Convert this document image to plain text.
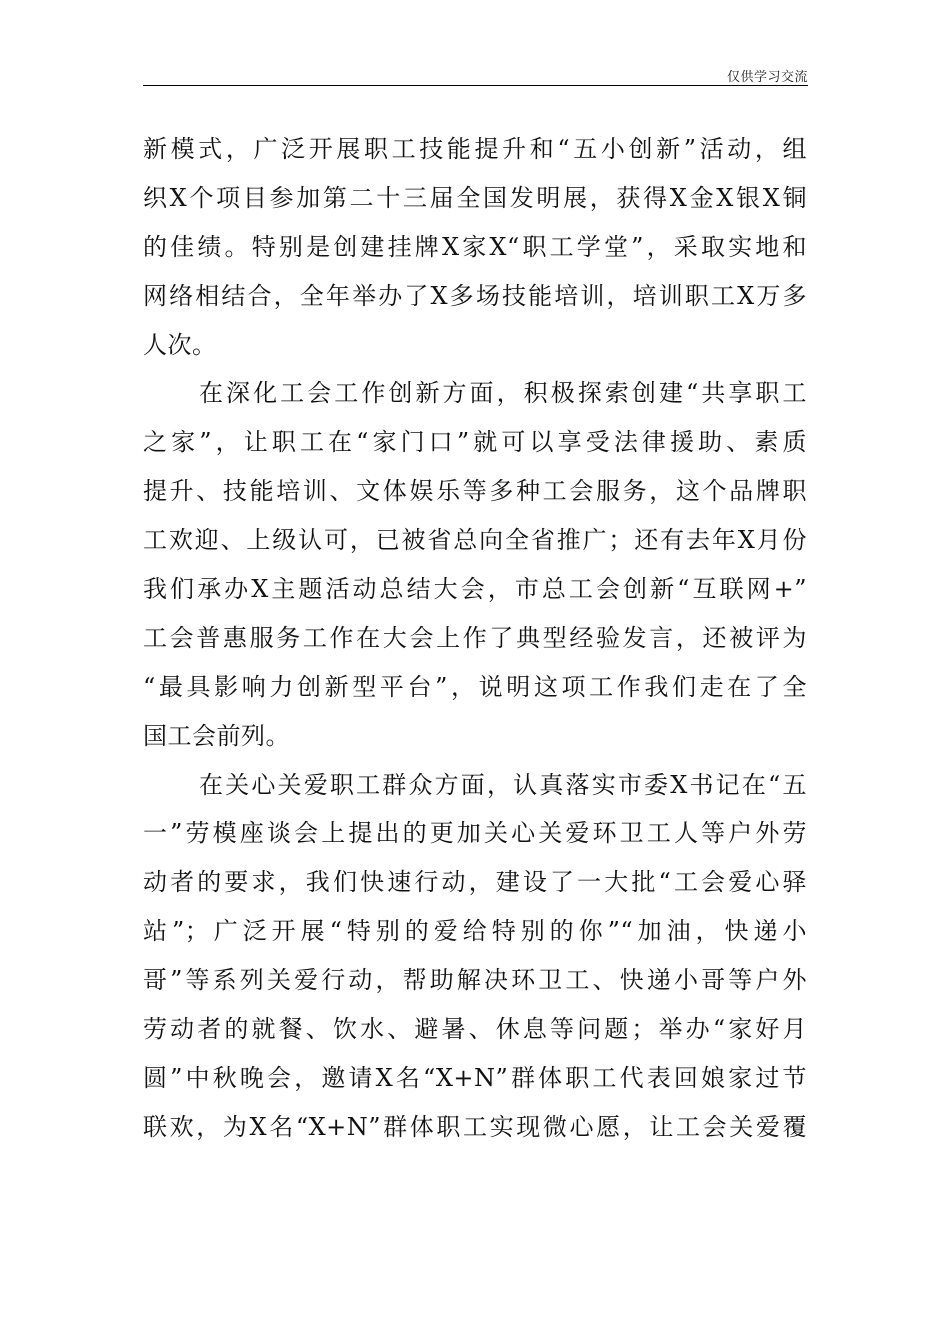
仅供学习交流
新模式，广泛开展职工技能提升和“五小创新”活动，组
织X个项目参加第二十三届全国发明展，获得X金X银X铜
的佳绩。特别是创建挂牌X家X“职工学堂”，采取实地和
网络相结合，全年举办了X多场技能培训，培训职工X万多
人次。
在深化工会工作创新方面，积极探索创建“共享职工
之家”，让职工在“家门口”就可以享受法律援助、素质
提升、技能培训、文体娱乐等多种工会服务，这个品牌职
工欢迎、上级认可，已被省总向全省推广；还有去年X月份
我们承办X主题活动总结大会，市总工会创新“互联网+”
工会普惠服务工作在大会上作了典型经验发言，还被评为
“最具影响力创新型平台”，说明这项工作我们走在了全
国工会前列。
在关心关爱职工群众方面，认真落实市委X书记在“五
一”劳模座谈会上提出的更加关心关爱环卫工人等户外劳
动者的要求，我们快速行动，建设了一大批“工会爱心驿
站”；广泛开展“特别的爱给特别的你”“加油，快递小
哥”等系列关爱行动，帮助解决环卫工、快递小哥等户外
劳动者的就餐、饮水、避暑、休息等问题；举办“家好月
圆”中秋晚会，邀请X名“X+N”群体职工代表回娘家过节
联欢，为X名“X+N”群体职工实现微心愿，让工会关爱覆
